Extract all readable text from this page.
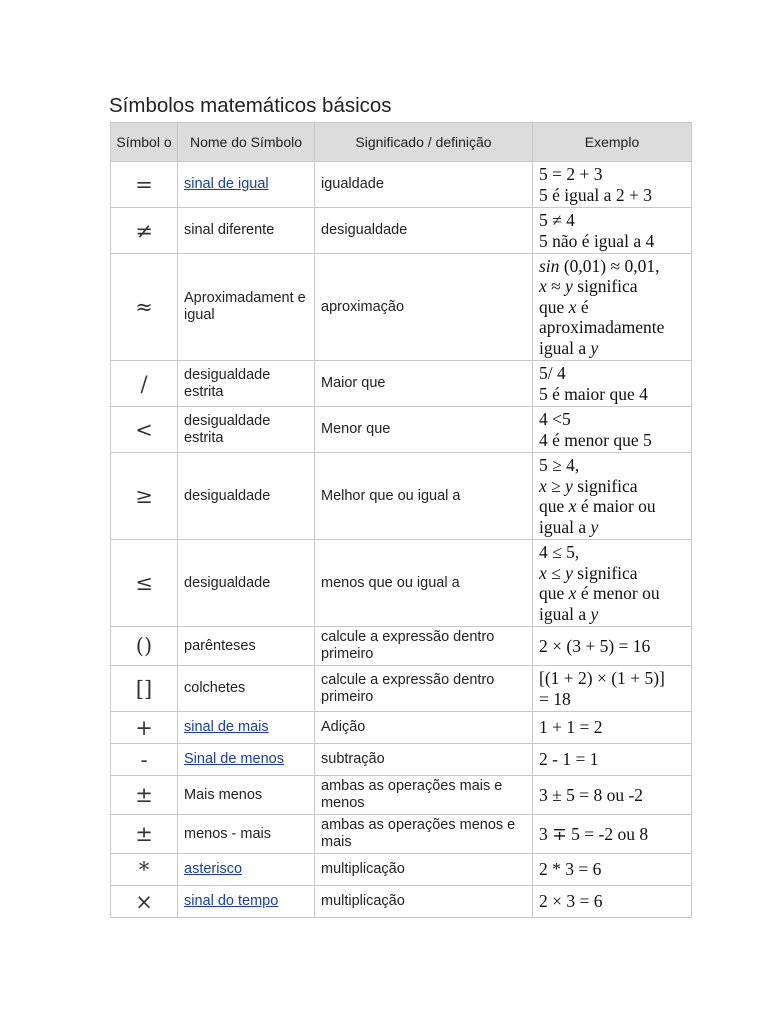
Símbolos matemáticos básicos
Símbol o	Nome do Símbolo	Significado / definição	Exemplo
=	sinal de igual	igualdade	5 = 2 + 3
5 é igual a 2 + 3

≠	sinal diferente	desigualdade	5 ≠ 4
5 não é igual a 4

≈	Aproximadament e igual	aproximação	sin (0,01) ≈ 0,01,
x ≈ y significa
que x é
aproximadamente
igual a y

/	desigualdade estrita	Maior que	5/ 4
5 é maior que 4

<	desigualdade estrita	Menor que	4 <5
4 é menor que 5

≥	desigualdade	Melhor que ou igual a	5 ≥ 4,
x ≥ y significa
que x é maior ou
igual a y

≤	desigualdade	menos que ou igual a	4 ≤ 5,
x ≤ y significa
que x é menor ou
igual a y

()	parênteses	calcule a expressão dentro primeiro	2 × (3 + 5) = 16

[]	colchetes	calcule a expressão dentro primeiro	[(1 + 2) × (1 + 5)]
= 18

+	sinal de mais	Adição	1 + 1 = 2

-	Sinal de menos	subtração	2 - 1 = 1

±	Mais menos	ambas as operações mais e menos	3 ± 5 = 8 ou -2

±	menos - mais	ambas as operações menos e mais	3 ∓ 5 = -2 ou 8

*	asterisco	multiplicação	2 * 3 = 6

×	sinal do tempo	multiplicação	2 × 3 = 6
